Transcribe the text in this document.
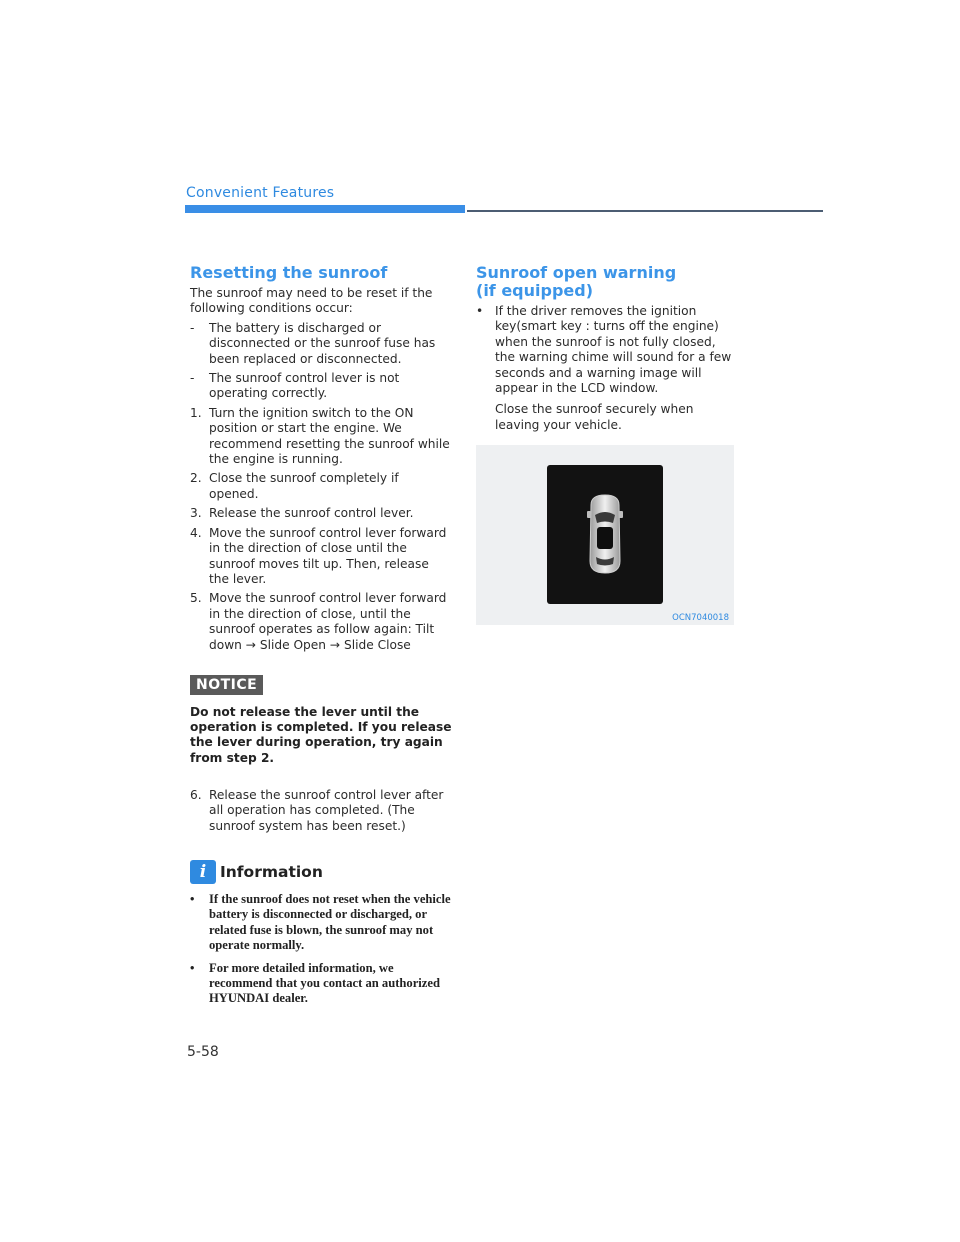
Convenient Features
Resetting the sunroof

The sunroof may need to be reset if the following conditions occur:

- The battery is discharged or disconnected or the sunroof fuse has been replaced or disconnected.
- The sunroof control lever is not operating correctly.
1. Turn the ignition switch to the ON position or start the engine. We recommend resetting the sunroof while the engine is running.
2. Close the sunroof completely if opened.
3. Release the sunroof control lever.
4. Move the sunroof control lever forward in the direction of close until the sunroof moves tilt up. Then, release the lever.
5. Move the sunroof control lever forward in the direction of close, until the sunroof operates as follow again: Tilt down → Slide Open → Slide Close
NOTICE
Do not release the lever until the operation is completed. If you release the lever during operation, try again from step 2.
6. Release the sunroof control lever after all operation has completed. (The sunroof system has been reset.)
i Information
• If the sunroof does not reset when the vehicle battery is disconnected or discharged, or related fuse is blown, the sunroof may not operate normally.
• For more detailed information, we recommend that you contact an authorized HYUNDAI dealer.
Sunroof open warning
(if equipped)
• If the driver removes the ignition key(smart key : turns off the engine) when the sunroof is not fully closed, the warning chime will sound for a few seconds and a warning image will appear in the LCD window.
Close the sunroof securely when leaving your vehicle.
OCN7040018
5-58
